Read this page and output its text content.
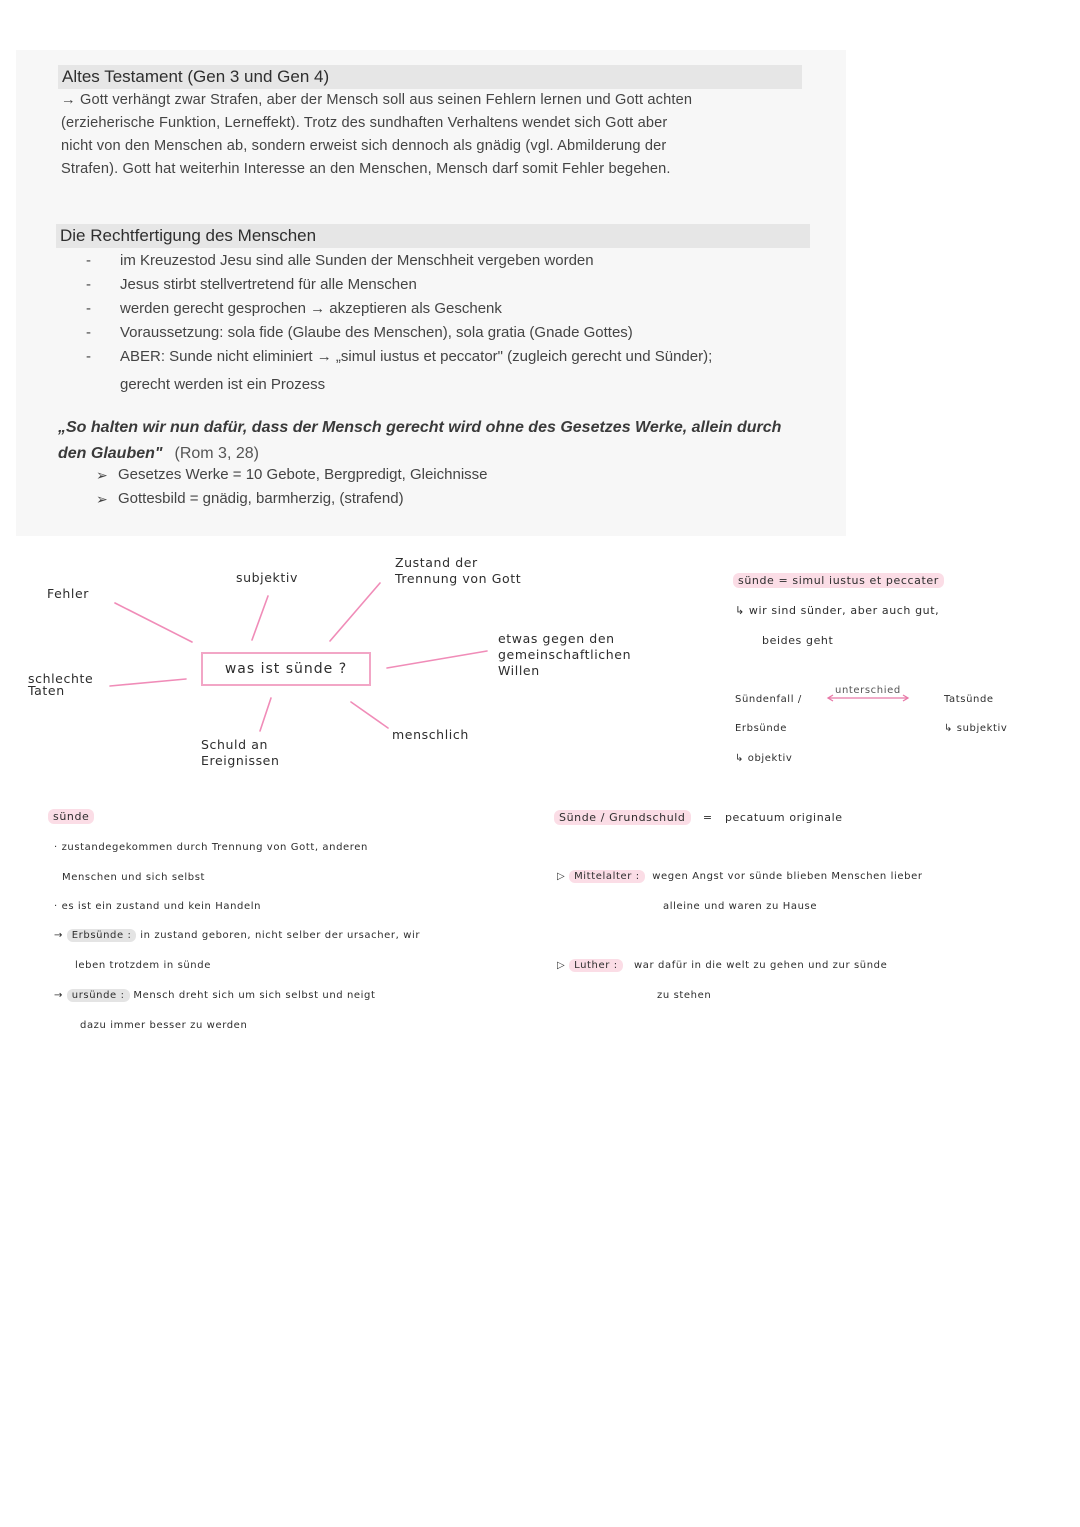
Altes Testament (Gen 3 und Gen 4)
→ Gott verhängt zwar Strafen, aber der Mensch soll aus seinen Fehlern lernen und Gott achten
(erzieherische Funktion, Lerneffekt). Trotz des sundhaften Verhaltens wendet sich Gott aber
nicht von den Menschen ab, sondern erweist sich dennoch als gnädig (vgl. Abmilderung der
Strafen). Gott hat weiterhin Interesse an den Menschen, Mensch darf somit Fehler begehen.
Die Rechtfertigung des Menschen
- im Kreuzestod Jesu sind alle Sunden der Menschheit vergeben worden
- Jesus stirbt stellvertretend für alle Menschen
- werden gerecht gesprochen → akzeptieren als Geschenk
- Voraussetzung: sola fide (Glaube des Menschen), sola gratia (Gnade Gottes)
- ABER: Sunde nicht eliminiert → „simul iustus et peccator" (zugleich gerecht und Sünder);
gerecht werden ist ein Prozess
„So halten wir nun dafür, dass der Mensch gerecht wird ohne des Gesetzes Werke, allein durch
den Glauben" (Rom 3, 28)
➢ Gesetzes Werke = 10 Gebote, Bergpredigt, Gleichnisse
➢ Gottesbild = gnädig, barmherzig, (strafend)
was ist sünde ?
Fehler
subjektiv
Zustand der
Trennung von Gott
etwas gegen den
gemeinschaftlichen
Willen
schlechte
Taten
Schuld an
Ereignissen
menschlich
sünde = simul iustus et peccater
↳ wir sind sünder, aber auch gut,
beides geht
Sündenfall /
unterschied
Tatsünde
Erbsünde
↳ objektiv
↳ subjektiv
sünde
· zustandegekommen durch Trennung von Gott, anderen
Menschen und sich selbst
· es ist ein zustand und kein Handeln
→ Erbsünde : in zustand geboren, nicht selber der ursacher, wir
leben trotzdem in sünde
→ ursünde : Mensch dreht sich um sich selbst und neigt
dazu immer besser zu werden
Sünde / Grundschuld = pecatuum originale
▷ Mittelalter : wegen Angst vor sünde blieben Menschen lieber
alleine und waren zu Hause
▷ Luther : war dafür in die welt zu gehen und zur sünde
zu stehen
